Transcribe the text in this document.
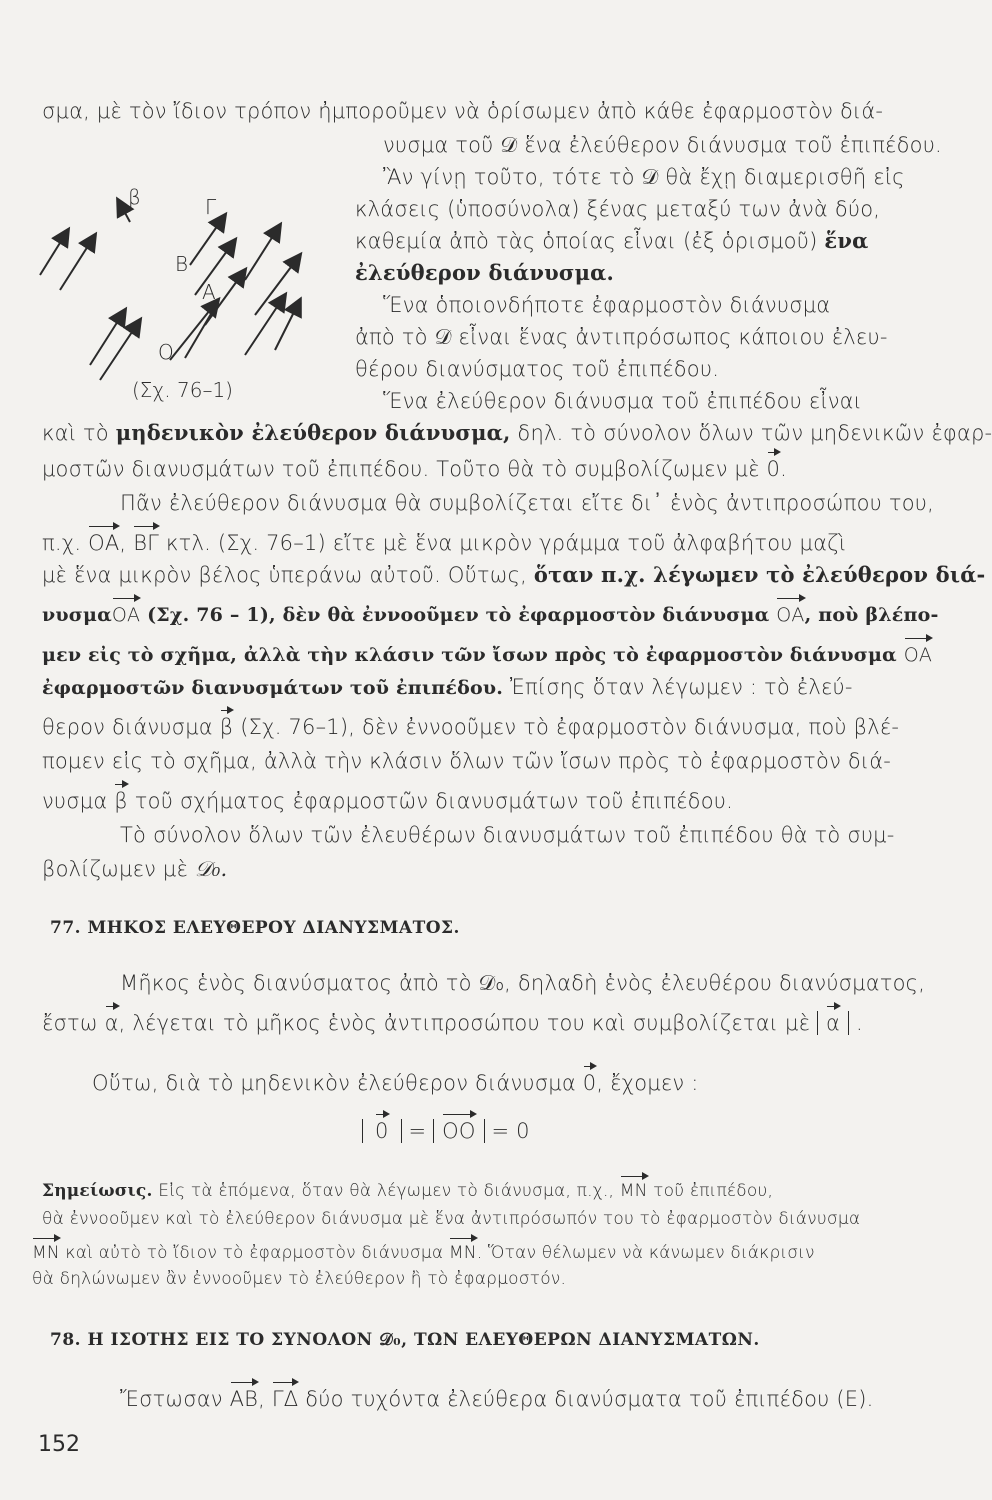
β	Γ
Β
Α
Ο
(Σχ. 76–1)
σμα, μὲ τὸν ἴδιον τρόπον ἠμποροῦμεν νὰ ὁρίσωμεν ἀπὸ κάθε ἐφαρμοστὸν διά-
νυσμα τοῦ 𝒟 ἕνα ἐλεύθερον διάνυσμα τοῦ ἐπιπέδου.
Ἂν γίνῃ τοῦτο, τότε τὸ 𝒟 θὰ ἔχῃ διαμερισθῆ εἰς
κλάσεις (ὑποσύνολα) ξένας μεταξύ των ἀνὰ δύο,
καθεμία ἀπὸ τὰς ὁποίας εἶναι (ἐξ ὁρισμοῦ) ἕνα
ἐλεύθερον διάνυσμα.
Ἕνα ὁποιονδήποτε ἐφαρμοστὸν διάνυσμα
ἀπὸ τὸ 𝒟 εἶναι ἕνας ἀντιπρόσωπος κάποιου ἐλευ-
θέρου διανύσματος τοῦ ἐπιπέδου.
Ἕνα ἐλεύθερον διάνυσμα τοῦ ἐπιπέδου εἶναι
καὶ τὸ μηδενικὸν ἐλεύθερον διάνυσμα, δηλ. τὸ σύνολον ὅλων τῶν μηδενικῶν ἐφαρ-
μοστῶν διανυσμάτων τοῦ ἐπιπέδου. Τοῦτο θὰ τὸ συμβολίζωμεν μὲ 0.
Πᾶν ἐλεύθερον διάνυσμα θὰ συμβολίζεται εἴτε δι᾿ ἑνὸς ἀντιπροσώπου του,
π.χ. ΟΑ, ΒΓ κτλ. (Σχ. 76–1) εἴτε μὲ ἕνα μικρὸν γράμμα τοῦ ἀλφαβήτου μαζὶ
μὲ ἕνα μικρὸν βέλος ὑπεράνω αὐτοῦ. Οὕτως, ὅταν π.χ. λέγωμεν τὸ ἐλεύθερον διά-
νυσμαΟΑ (Σχ. 76 – 1), δὲν θὰ ἐννοοῦμεν τὸ ἐφαρμοστὸν διάνυσμα ΟΑ, ποὺ βλέπο-
μεν εἰς τὸ σχῆμα, ἀλλὰ τὴν κλάσιν τῶν ἴσων πρὸς τὸ ἐφαρμοστὸν διάνυσμα ΟΑ
ἐφαρμοστῶν διανυσμάτων τοῦ ἐπιπέδου. Ἐπίσης ὅταν λέγωμεν : τὸ ἐλεύ-
θερον διάνυσμα β (Σχ. 76–1), δὲν ἐννοοῦμεν τὸ ἐφαρμοστὸν διάνυσμα, ποὺ βλέ-
πομεν εἰς τὸ σχῆμα, ἀλλὰ τὴν κλάσιν ὅλων τῶν ἴσων πρὸς τὸ ἐφαρμοστὸν διά-
νυσμα β τοῦ σχήματος ἐφαρμοστῶν διανυσμάτων τοῦ ἐπιπέδου.
Τὸ σύνολον ὅλων τῶν ἐλευθέρων διανυσμάτων τοῦ ἐπιπέδου θὰ τὸ συμ-
βολίζωμεν μὲ 𝒟₀.
77. ΜΗΚΟΣ ΕΛΕΥΘΕΡΟΥ ΔΙΑΝΥΣΜΑΤΟΣ.
Μῆκος ἑνὸς διανύσματος ἀπὸ τὸ 𝒟₀, δηλαδὴ ἑνὸς ἐλευθέρου διανύσματος,
ἔστω α, λέγεται τὸ μῆκος ἑνὸς ἀντιπροσώπου του καὶ συμβολίζεται μὲ α .
Οὕτω, διὰ τὸ μηδενικὸν ἐλεύθερον διάνυσμα 0, ἔχομεν :
0 = ΟΟ = 0
Σημείωσις. Εἰς τὰ ἑπόμενα, ὅταν θὰ λέγωμεν τὸ διάνυσμα, π.χ., ΜΝ τοῦ ἐπιπέδου,
θὰ ἐννοοῦμεν καὶ τὸ ἐλεύθερον διάνυσμα μὲ ἕνα ἀντιπρόσωπόν του τὸ ἐφαρμοστὸν διάνυσμα
ΜΝ καὶ αὐτὸ τὸ ἴδιον τὸ ἐφαρμοστὸν διάνυσμα ΜΝ. Ὅταν θέλωμεν νὰ κάνωμεν διάκρισιν
θὰ δηλώνωμεν ἂν ἐννοοῦμεν τὸ ἐλεύθερον ἢ τὸ ἐφαρμοστόν.
78. Η ΙΣΟΤΗΣ ΕΙΣ ΤΟ ΣΥΝΟΛΟΝ 𝒟₀, ΤΩΝ ΕΛΕΥΘΕΡΩΝ ΔΙΑΝΥΣΜΑΤΩΝ.
Ἔστωσαν ΑΒ, ΓΔ δύο τυχόντα ἐλεύθερα διανύσματα τοῦ ἐπιπέδου (Ε).
152
